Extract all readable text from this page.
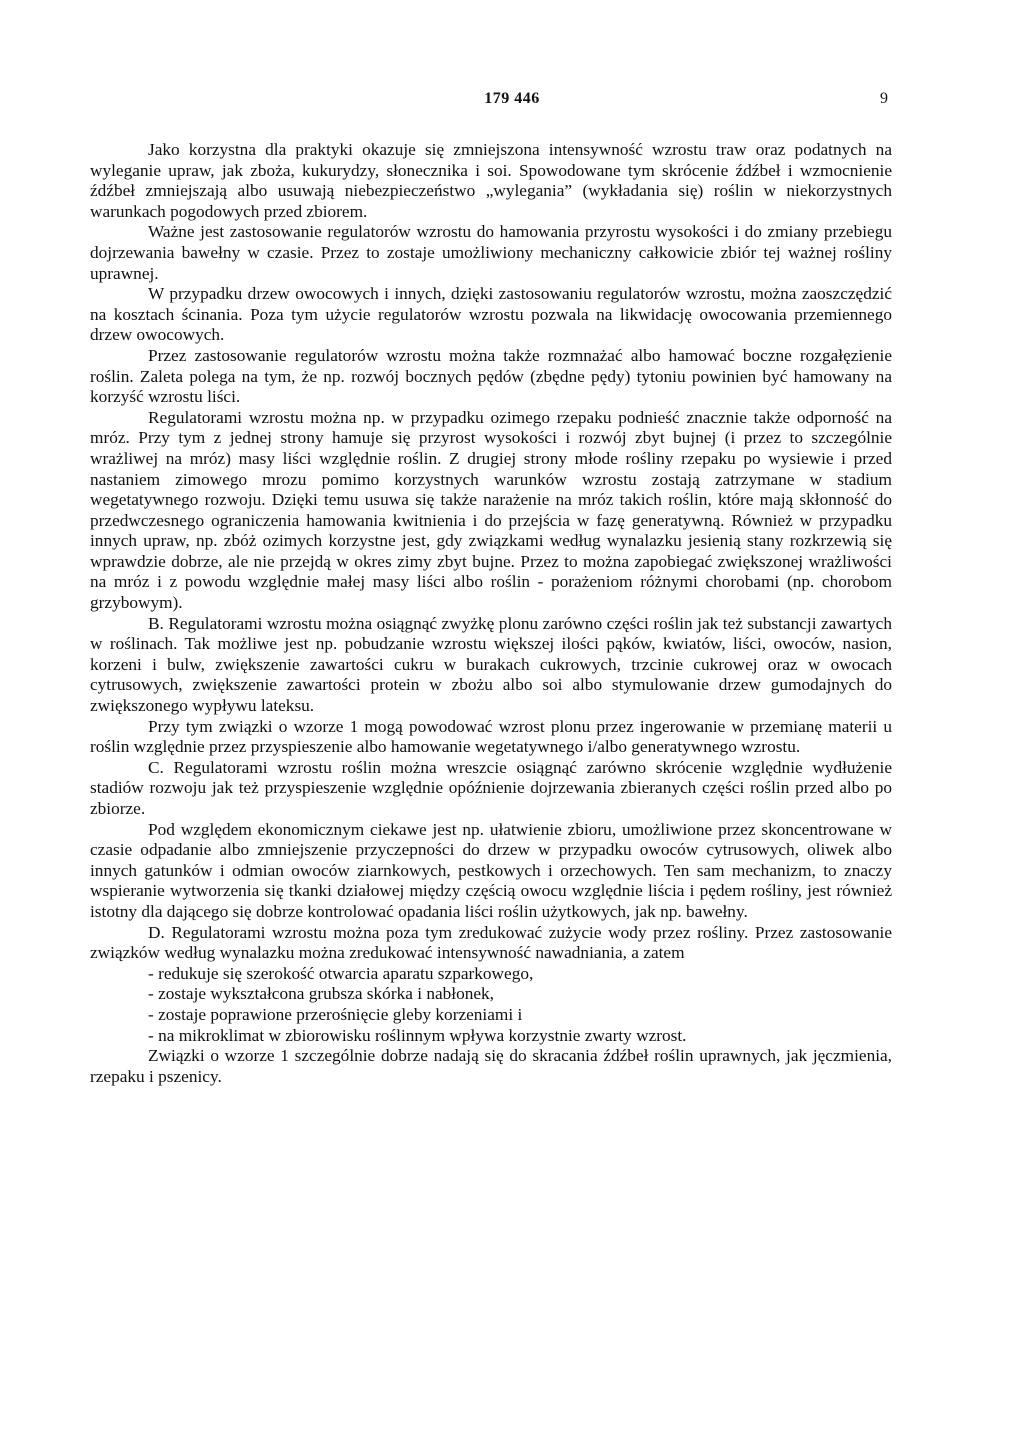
179 446	9

Jako korzystna dla praktyki okazuje się zmniejszona intensywność wzrostu traw oraz podatnych na wyleganie upraw, jak zboża, kukurydzy, słonecznika i soi. Spowodowane tym skrócenie źdźbeł i wzmocnienie źdźbeł zmniejszają albo usuwają niebezpieczeństwo „wylegania” (wykładania się) roślin w niekorzystnych warunkach pogodowych przed zbiorem.

Ważne jest zastosowanie regulatorów wzrostu do hamowania przyrostu wysokości i do zmiany przebiegu dojrzewania bawełny w czasie. Przez to zostaje umożliwiony mechaniczny całkowicie zbiór tej ważnej rośliny uprawnej.

W przypadku drzew owocowych i innych, dzięki zastosowaniu regulatorów wzrostu, można zaoszczędzić na kosztach ścinania. Poza tym użycie regulatorów wzrostu pozwala na likwidację owocowania przemiennego drzew owocowych.

Przez zastosowanie regulatorów wzrostu można także rozmnażać albo hamować boczne rozgałęzienie roślin. Zaleta polega na tym, że np. rozwój bocznych pędów (zbędne pędy) tytoniu powinien być hamowany na korzyść wzrostu liści.

Regulatorami wzrostu można np. w przypadku ozimego rzepaku podnieść znacznie także odporność na mróz. Przy tym z jednej strony hamuje się przyrost wysokości i rozwój zbyt bujnej (i przez to szczególnie wrażliwej na mróz) masy liści względnie roślin. Z drugiej strony młode rośliny rzepaku po wysiewie i przed nastaniem zimowego mrozu pomimo korzystnych warunków wzrostu zostają zatrzymane w stadium wegetatywnego rozwoju. Dzięki temu usuwa się także narażenie na mróz takich roślin, które mają skłonność do przedwczesnego ograniczenia hamowania kwitnienia i do przejścia w fazę generatywną. Również w przypadku innych upraw, np. zbóż ozimych korzystne jest, gdy związkami według wynalazku jesienią stany rozkrzewią się wprawdzie dobrze, ale nie przejdą w okres zimy zbyt bujne. Przez to można zapobiegać zwiększonej wrażliwości na mróz i z powodu względnie małej masy liści albo roślin - porażeniom różnymi chorobami (np. chorobom grzybowym).

B. Regulatorami wzrostu można osiągnąć zwyżkę plonu zarówno części roślin jak też substancji zawartych w roślinach. Tak możliwe jest np. pobudzanie wzrostu większej ilości pąków, kwiatów, liści, owoców, nasion, korzeni i bulw, zwiększenie zawartości cukru w burakach cukrowych, trzcinie cukrowej oraz w owocach cytrusowych, zwiększenie zawartości protein w zbożu albo soi albo stymulowanie drzew gumodajnych do zwiększonego wypływu lateksu.

Przy tym związki o wzorze 1 mogą powodować wzrost plonu przez ingerowanie w przemianę materii u roślin względnie przez przyspieszenie albo hamowanie wegetatywnego i/albo generatywnego wzrostu.

C. Regulatorami wzrostu roślin można wreszcie osiągnąć zarówno skrócenie względnie wydłużenie stadiów rozwoju jak też przyspieszenie względnie opóźnienie dojrzewania zbieranych części roślin przed albo po zbiorze.

Pod względem ekonomicznym ciekawe jest np. ułatwienie zbioru, umożliwione przez skoncentrowane w czasie odpadanie albo zmniejszenie przyczepności do drzew w przypadku owoców cytrusowych, oliwek albo innych gatunków i odmian owoców ziarnkowych, pestkowych i orzechowych. Ten sam mechanizm, to znaczy wspieranie wytworzenia się tkanki działowej między częścią owocu względnie liścia i pędem rośliny, jest również istotny dla dającego się dobrze kontrolować opadania liści roślin użytkowych, jak np. bawełny.

D. Regulatorami wzrostu można poza tym zredukować zużycie wody przez rośliny. Przez zastosowanie związków według wynalazku można zredukować intensywność nawadniania, a zatem

- redukuje się szerokość otwarcia aparatu szparkowego,
- zostaje wykształcona grubsza skórka i nabłonek,
- zostaje poprawione przerośnięcie gleby korzeniami i
- na mikroklimat w zbiorowisku roślinnym wpływa korzystnie zwarty wzrost.

Związki o wzorze 1 szczególnie dobrze nadają się do skracania źdźbeł roślin uprawnych, jak jęczmienia, rzepaku i pszenicy.
